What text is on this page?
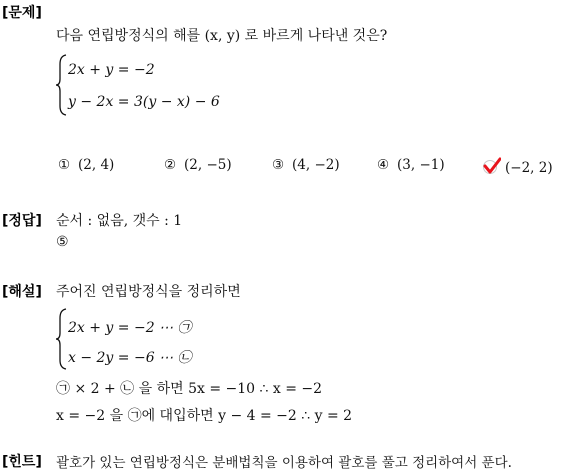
[문제]
다음 연립방정식의 해를 (x, y) 로 바르게 나타낸 것은?
2x + y = −2
y − 2x = 3(y − x) − 6
① (2, 4)	② (2, −5)	③ (4, −2)	④ (3, −1)	(−2, 2)
[정답] 순서 : 없음, 갯수 : 1
⑤
[해설] 주어진 연립방정식을 정리하면
2x + y = −2 ⋯ ㉠
x − 2y = −6 ⋯ ㉡
㉠ × 2 + ㉡ 을 하면 5x = −10 ∴ x = −2
x = −2 을 ㉠에 대입하면 y − 4 = −2 ∴ y = 2
[힌트] 괄호가 있는 연립방정식은 분배법칙을 이용하여 괄호를 풀고 정리하여서 푼다.
